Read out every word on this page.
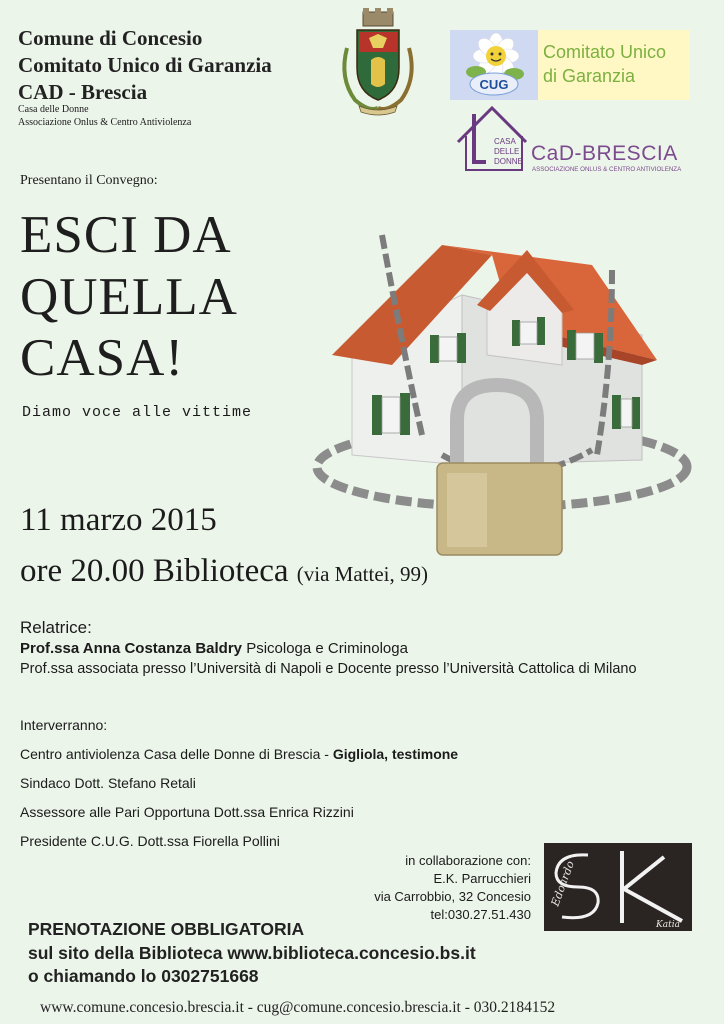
Comune di Concesio
Comitato Unico di Garanzia
CAD - Brescia
Casa delle Donne
Associazione Onlus & Centro Antiviolenza
CUG
Comitato Unico
di Garanzia
CASA
DELLE
DONNE CaD-BRESCIA
ASSOCIAZIONE ONLUS & CENTRO ANTIVIOLENZA
Presentano il Convegno:
ESCI DA
QUELLA
CASA!
Diamo voce alle vittime
11 marzo 2015
ore 20.00 Biblioteca (via Mattei, 99)
Relatrice:
Prof.ssa Anna Costanza Baldry Psicologa e Criminologa
Prof.ssa associata presso l’Università di Napoli e Docente presso l’Università Cattolica di Milano
Interverranno:
Centro antiviolenza Casa delle Donne di Brescia - Gigliola, testimone
Sindaco Dott. Stefano Retali
Assessore alle Pari Opportuna Dott.ssa Enrica Rizzini
Presidente C.U.G. Dott.ssa Fiorella Pollini
in collaborazione con:
E.K. Parrucchieri
via Carrobbio, 32 Concesio
tel:030.27.51.430
Edoardo
Katia
PRENOTAZIONE OBBLIGATORIA
sul sito della Biblioteca www.biblioteca.concesio.bs.it
o chiamando lo 0302751668
www.comune.concesio.brescia.it - cug@comune.concesio.brescia.it - 030.2184152
